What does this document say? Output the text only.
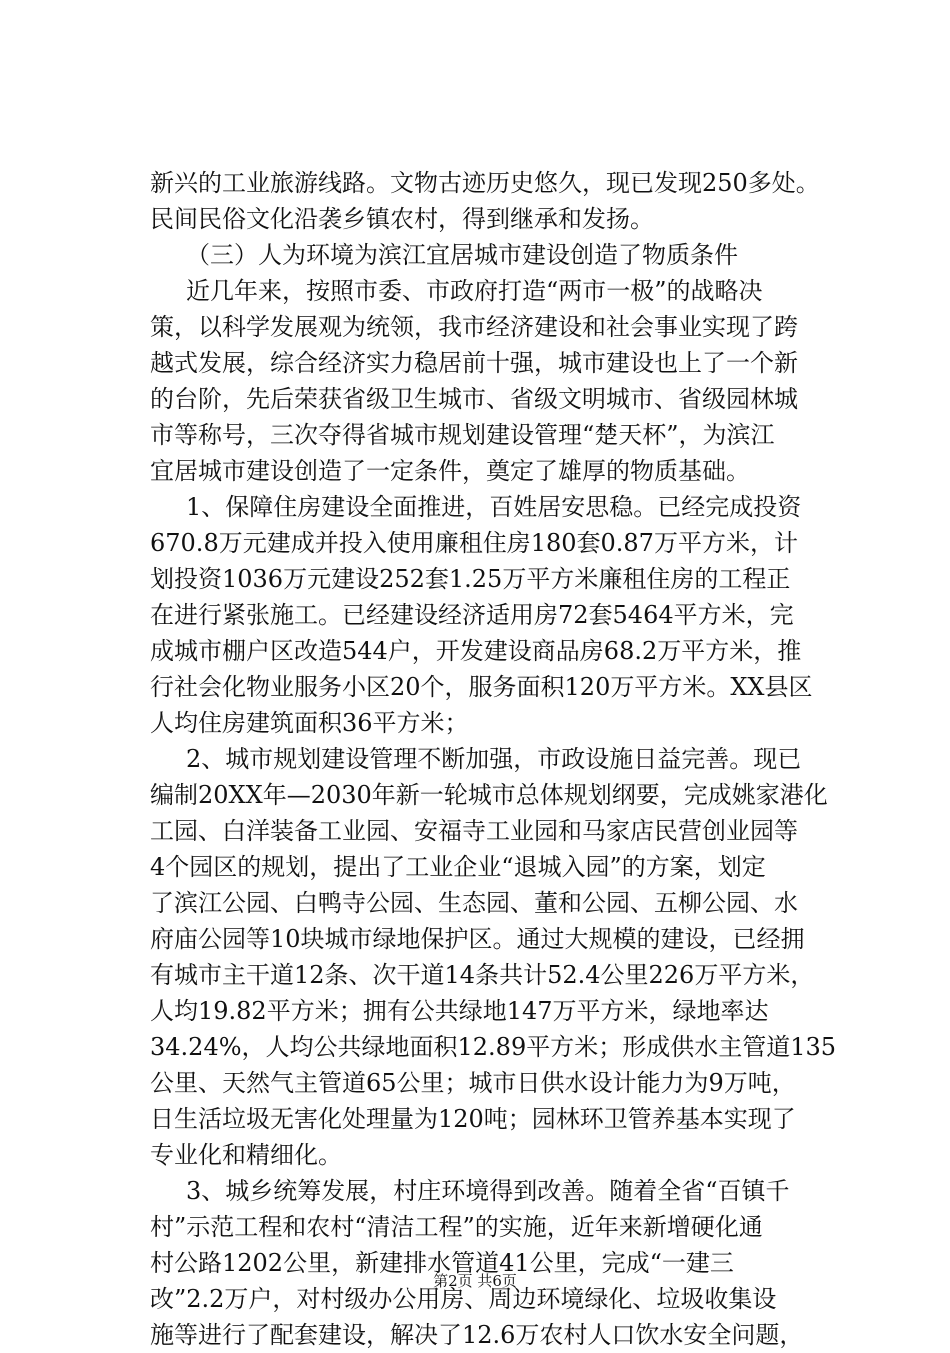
新兴的工业旅游线路。文物古迹历史悠久，现已发现250多处。
民间民俗文化沿袭乡镇农村，得到继承和发扬。
（三）人为环境为滨江宜居城市建设创造了物质条件
近几年来，按照市委、市政府打造“两市一极”的战略决
策，以科学发展观为统领，我市经济建设和社会事业实现了跨
越式发展，综合经济实力稳居前十强，城市建设也上了一个新
的台阶，先后荣获省级卫生城市、省级文明城市、省级园林城
市等称号，三次夺得省城市规划建设管理“楚天杯”，为滨江
宜居城市建设创造了一定条件，奠定了雄厚的物质基础。
1、保障住房建设全面推进，百姓居安思稳。已经完成投资
670.8万元建成并投入使用廉租住房180套0.87万平方米，计
划投资1036万元建设252套1.25万平方米廉租住房的工程正
在进行紧张施工。已经建设经济适用房72套5464平方米，完
成城市棚户区改造544户，开发建设商品房68.2万平方米，推
行社会化物业服务小区20个，服务面积120万平方米。XX县区
人均住房建筑面积36平方米；
2、城市规划建设管理不断加强，市政设施日益完善。现已
编制20XX年—2030年新一轮城市总体规划纲要，完成姚家港化
工园、白洋装备工业园、安福寺工业园和马家店民营创业园等
4个园区的规划，提出了工业企业“退城入园”的方案，划定
了滨江公园、白鸭寺公园、生态园、董和公园、五柳公园、水
府庙公园等10块城市绿地保护区。通过大规模的建设，已经拥
有城市主干道12条、次干道14条共计52.4公里226万平方米，
人均19.82平方米；拥有公共绿地147万平方米，绿地率达
34.24%，人均公共绿地面积12.89平方米；形成供水主管道135
公里、天然气主管道65公里；城市日供水设计能力为9万吨，
日生活垃圾无害化处理量为120吨；园林环卫管养基本实现了
专业化和精细化。
3、城乡统筹发展，村庄环境得到改善。随着全省“百镇千
村”示范工程和农村“清洁工程”的实施，近年来新增硬化通
村公路1202公里，新建排水管道41公里，完成“一建三
改”2.2万户，对村级办公用房、周边环境绿化、垃圾收集设
施等进行了配套建设，解决了12.6万农村人口饮水安全问题，
第2页 共6页
